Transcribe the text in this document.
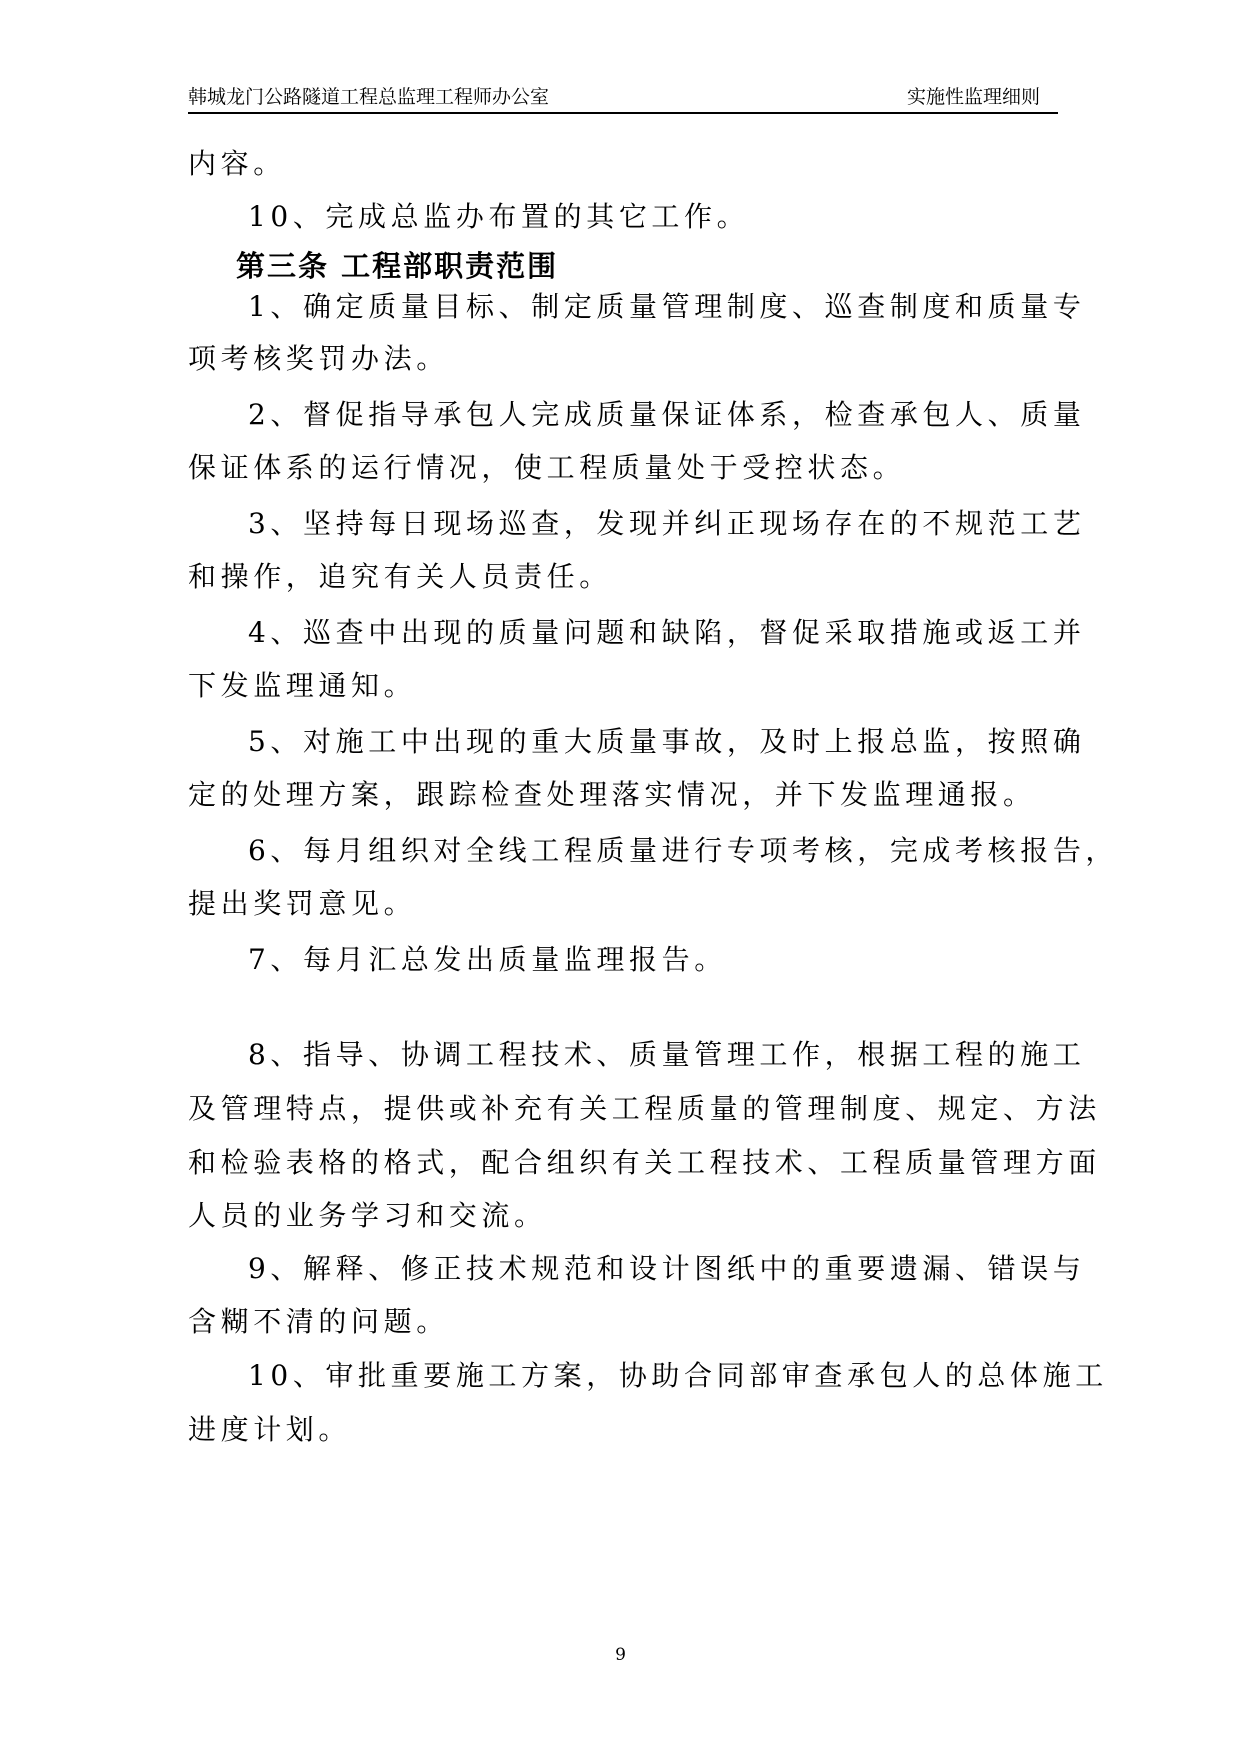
韩城龙门公路隧道工程总监理工程师办公室	实施性监理细则
内容。
10、完成总监办布置的其它工作。
第三条 工程部职责范围
1、确定质量目标、制定质量管理制度、巡查制度和质量专
项考核奖罚办法。
2、督促指导承包人完成质量保证体系，检查承包人、质量
保证体系的运行情况，使工程质量处于受控状态。
3、坚持每日现场巡查，发现并纠正现场存在的不规范工艺
和操作，追究有关人员责任。
4、巡查中出现的质量问题和缺陷，督促采取措施或返工并
下发监理通知。
5、对施工中出现的重大质量事故，及时上报总监，按照确
定的处理方案，跟踪检查处理落实情况，并下发监理通报。
6、每月组织对全线工程质量进行专项考核，完成考核报告，
提出奖罚意见。
7、每月汇总发出质量监理报告。
8、指导、协调工程技术、质量管理工作，根据工程的施工
及管理特点，提供或补充有关工程质量的管理制度、规定、方法
和检验表格的格式，配合组织有关工程技术、工程质量管理方面
人员的业务学习和交流。
9、解释、修正技术规范和设计图纸中的重要遗漏、错误与
含糊不清的问题。
10、审批重要施工方案，协助合同部审查承包人的总体施工
进度计划。
9
